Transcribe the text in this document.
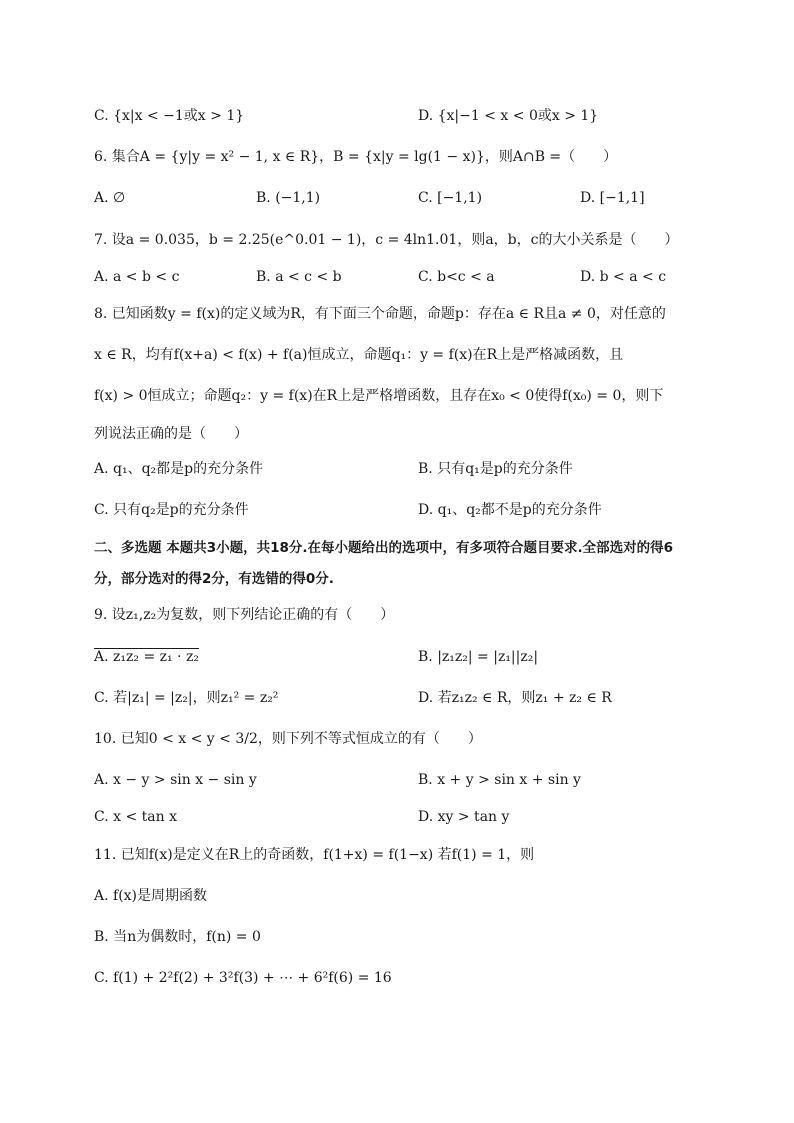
C. {x|x < −1或x > 1}	D. {x|−1 < x < 0或x > 1}
6. 集合A = {y|y = x² − 1, x ∈ R}，B = {x|y = lg(1 − x)}，则A∩B =（　　）
A. ∅	B. (−1,1)	C. [−1,1)	D. [−1,1]
7. 设a = 0.035，b = 2.25(e^0.01 − 1)，c = 4ln1.01，则a，b，c的大小关系是（　　）
A. a < b < c	B. a < c < b	C. b<c < a	D. b < a < c
8. 已知函数y = f(x)的定义域为R，有下面三个命题，命题p：存在a ∈ R且a ≠ 0，对任意的
x ∈ R，均有f(x+a) < f(x) + f(a)恒成立，命题q₁：y = f(x)在R上是严格减函数，且
f(x) > 0恒成立；命题q₂：y = f(x)在R上是严格增函数，且存在x₀ < 0使得f(x₀) = 0，则下
列说法正确的是（　　）
A. q₁、q₂都是p的充分条件	B. 只有q₁是p的充分条件
C. 只有q₂是p的充分条件	D. q₁、q₂都不是p的充分条件
二、多选题 本题共3小题，共18分.在每小题给出的选项中，有多项符合题目要求.全部选对的得6
分，部分选对的得2分，有选错的得0分.
9. 设z₁,z₂为复数，则下列结论正确的有（　　）
A. z₁z₂ = z₁ · z₂	B. |z₁z₂| = |z₁||z₂|
C. 若|z₁| = |z₂|，则z₁² = z₂²	D. 若z₁z₂ ∈ R，则z₁ + z₂ ∈ R
10. 已知0 < x < y < 3/2，则下列不等式恒成立的有（　　）
A. x − y > sin x − sin y	B. x + y > sin x + sin y
C. x < tan x	D. xy > tan y
11. 已知f(x)是定义在R上的奇函数，f(1+x) = f(1−x) 若f(1) = 1，则
A. f(x)是周期函数
B. 当n为偶数时，f(n) = 0
C. f(1) + 2²f(2) + 3²f(3) + ⋯ + 6²f(6) = 16
